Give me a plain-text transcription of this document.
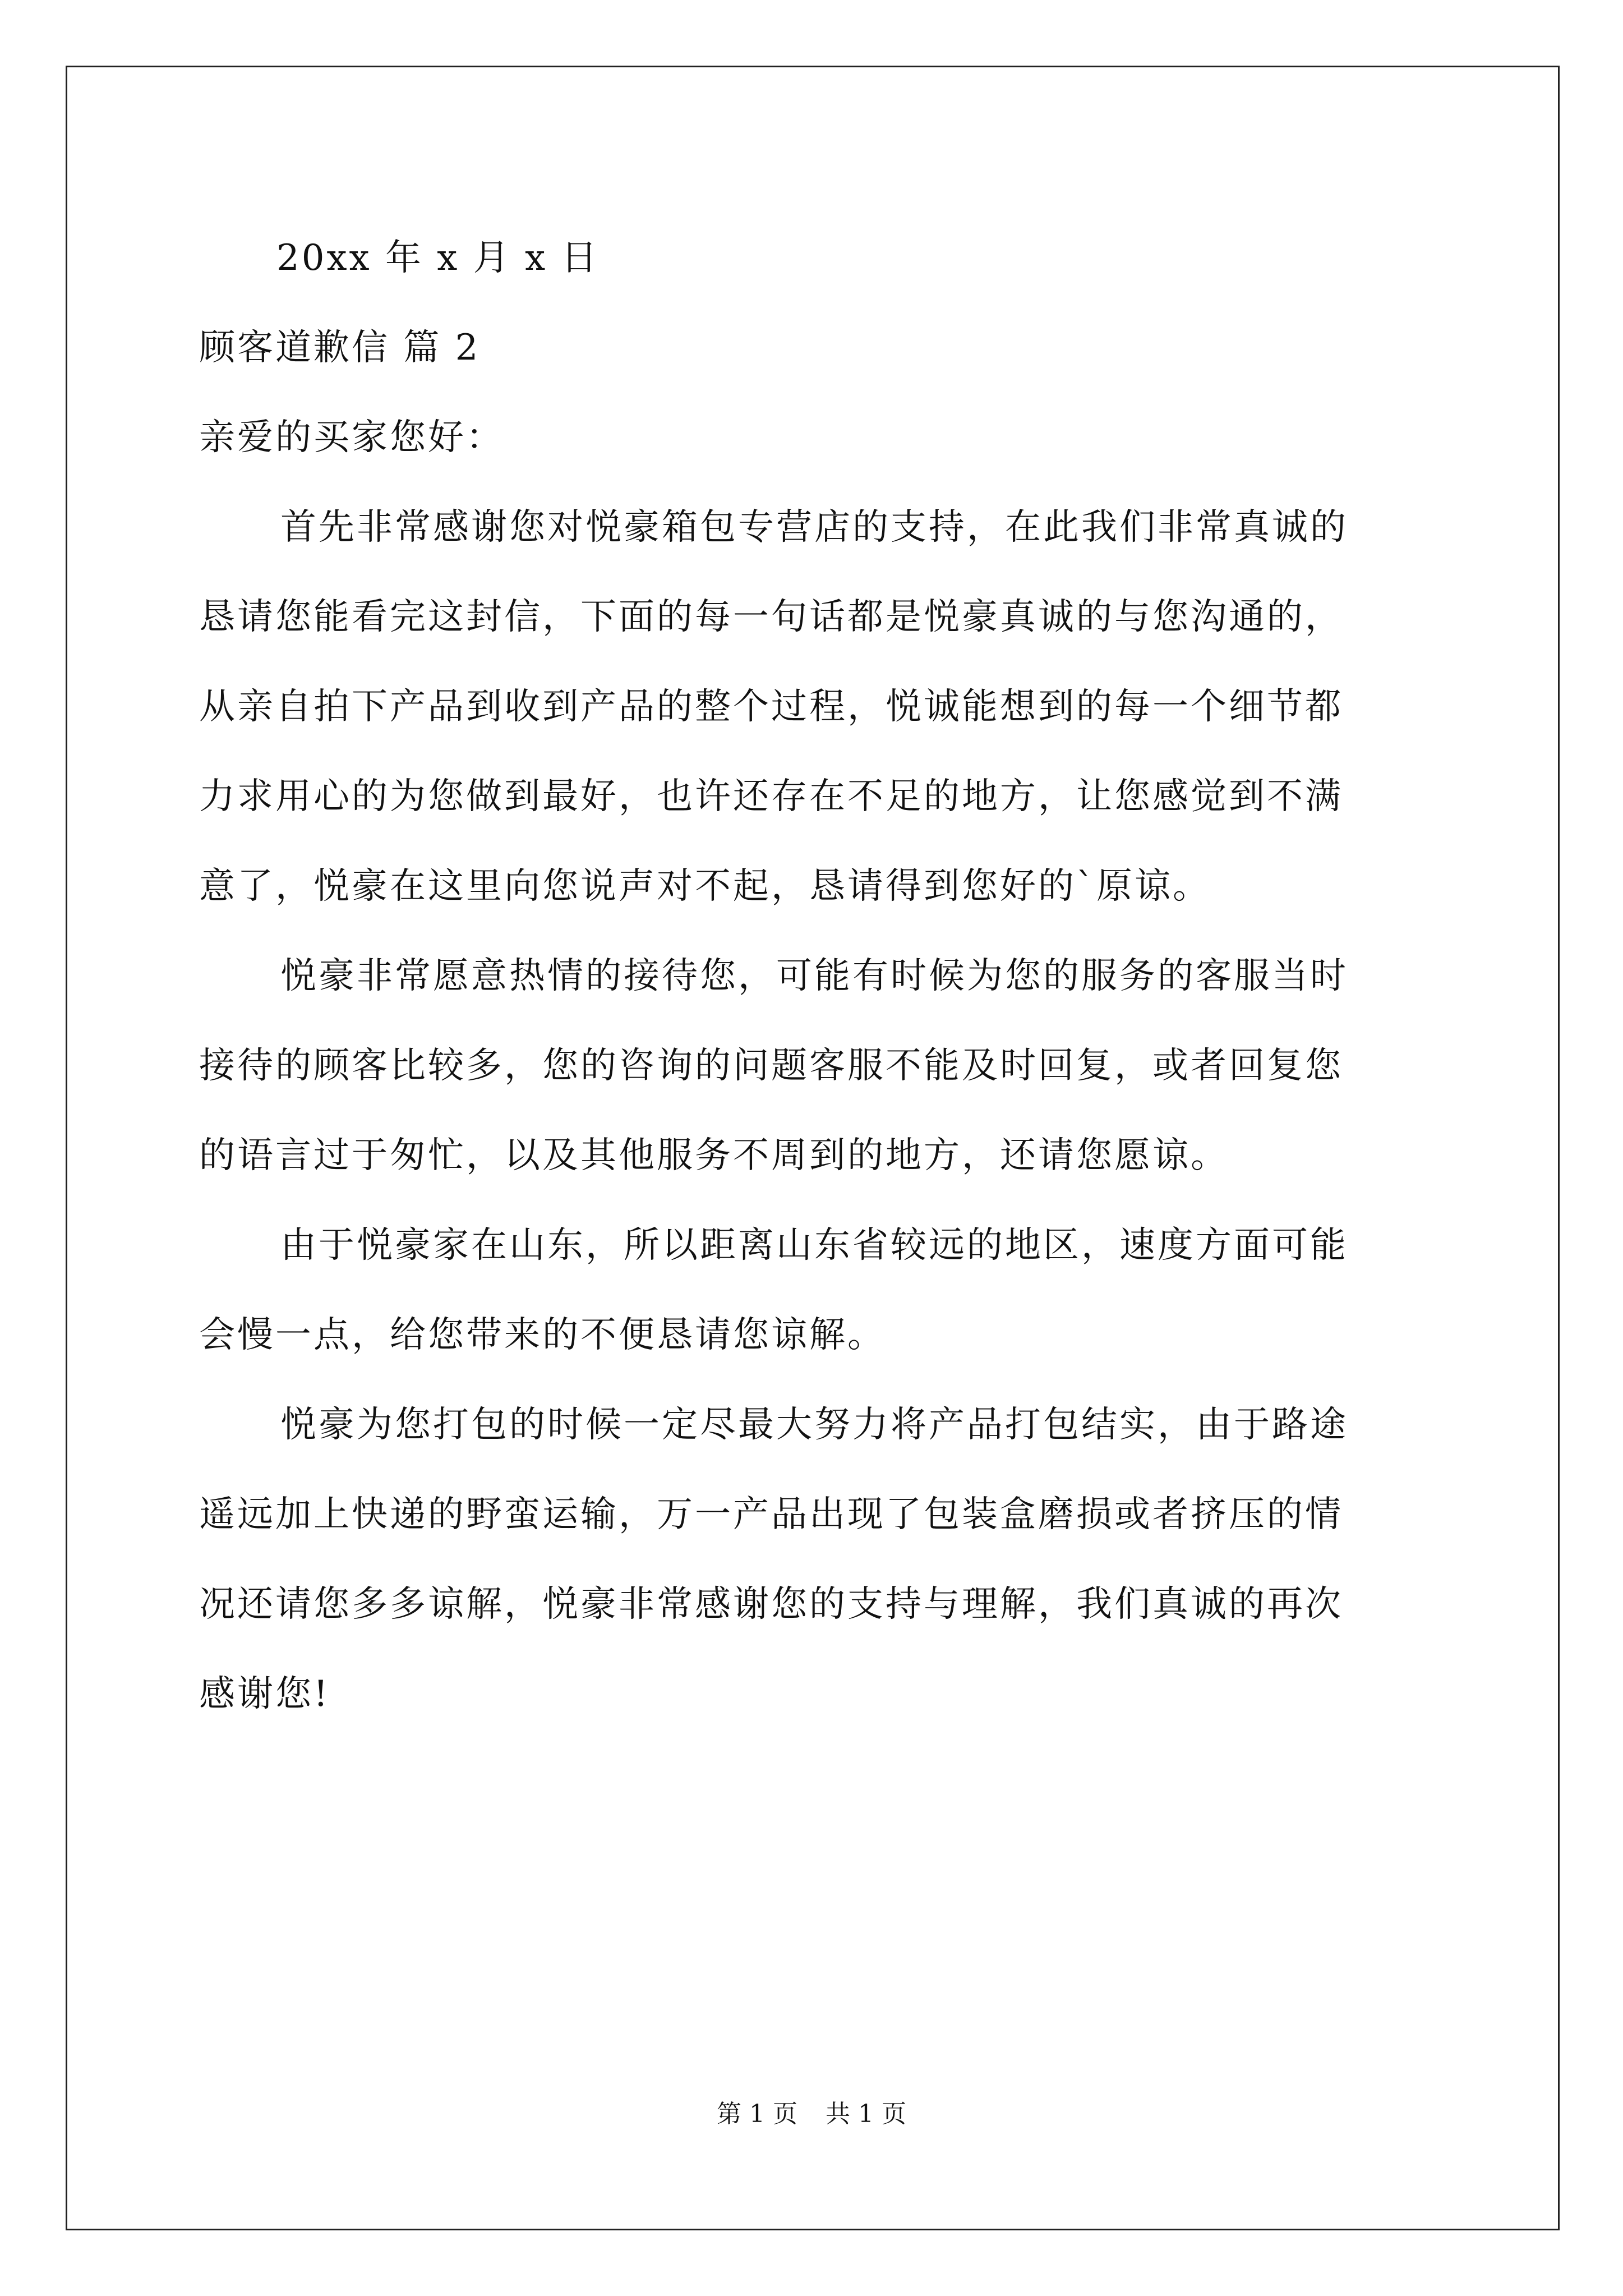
20xx 年 x 月 x 日
顾客道歉信 篇 2
亲爱的买家您好：
首先非常感谢您对悦豪箱包专营店的支持，在此我们非常真诚的
恳请您能看完这封信，下面的每一句话都是悦豪真诚的与您沟通的，
从亲自拍下产品到收到产品的整个过程，悦诚能想到的每一个细节都
力求用心的为您做到最好，也许还存在不足的地方，让您感觉到不满
意了，悦豪在这里向您说声对不起，恳请得到您好的`原谅。
悦豪非常愿意热情的接待您，可能有时候为您的服务的客服当时
接待的顾客比较多，您的咨询的问题客服不能及时回复，或者回复您
的语言过于匆忙，以及其他服务不周到的地方，还请您愿谅。
由于悦豪家在山东，所以距离山东省较远的地区，速度方面可能
会慢一点，给您带来的不便恳请您谅解。
悦豪为您打包的时候一定尽最大努力将产品打包结实，由于路途
遥远加上快递的野蛮运输，万一产品出现了包装盒磨损或者挤压的情
况还请您多多谅解，悦豪非常感谢您的支持与理解，我们真诚的再次
感谢您!
第 1 页 共 1 页
